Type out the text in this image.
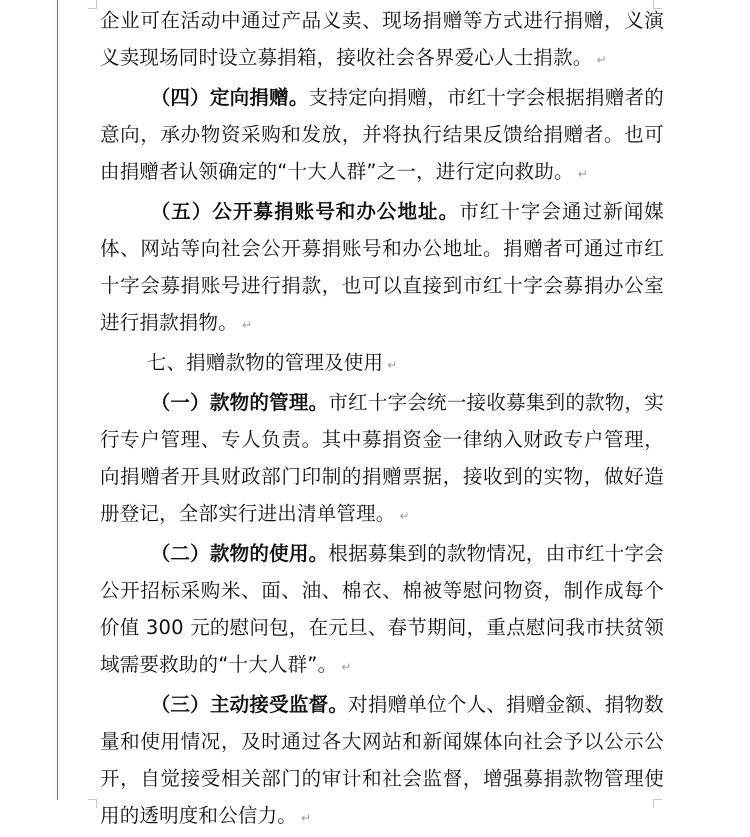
企业可在活动中通过产品义卖、现场捐赠等方式进行捐赠，义演义卖现场同时设立募捐箱，接收社会各界爱心人士捐款。 ↵

（四）定向捐赠。支持定向捐赠，市红十字会根据捐赠者的意向，承办物资采购和发放，并将执行结果反馈给捐赠者。也可由捐赠者认领确定的“十大人群”之一，进行定向救助。 ↵

（五）公开募捐账号和办公地址。市红十字会通过新闻媒体、网站等向社会公开募捐账号和办公地址。捐赠者可通过市红十字会募捐账号进行捐款，也可以直接到市红十字会募捐办公室进行捐款捐物。 ↵

七、捐赠款物的管理及使用 ↵

（一）款物的管理。市红十字会统一接收募集到的款物，实行专户管理、专人负责。其中募捐资金一律纳入财政专户管理，向捐赠者开具财政部门印制的捐赠票据，接收到的实物，做好造册登记，全部实行进出清单管理。 ↵

（二）款物的使用。根据募集到的款物情况，由市红十字会公开招标采购米、面、油、棉衣、棉被等慰问物资，制作成每个价值 300 元的慰问包，在元旦、春节期间，重点慰问我市扶贫领域需要救助的“十大人群”。 ↵

（三）主动接受监督。对捐赠单位个人、捐赠金额、捐物数量和使用情况，及时通过各大网站和新闻媒体向社会予以公示公开，自觉接受相关部门的审计和社会监督，增强募捐款物管理使用的透明度和公信力。 ↵
